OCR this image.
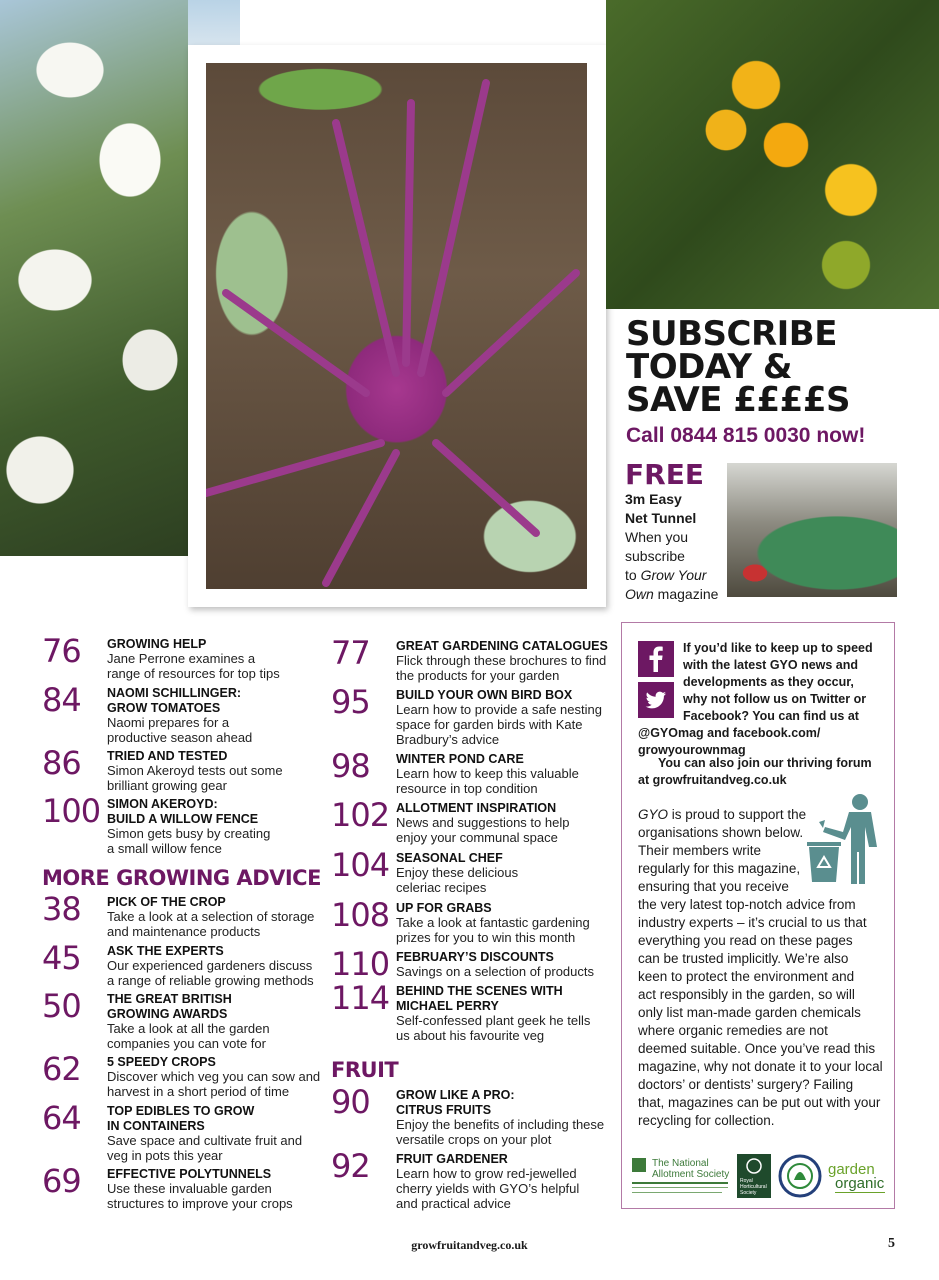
SUBSCRIBE
TODAY &
SAVE ££££S
Call 0844 815 0030 now!
FREE
3m Easy
Net Tunnel
When you
subscribe
to Grow Your
Own magazine
76 GROWING HELP
Jane Perrone examines a
range of resources for top tips
84 NAOMI SCHILLINGER:
GROW TOMATOES
Naomi prepares for a
productive season ahead
86 TRIED AND TESTED
Simon Akeroyd tests out some
brilliant growing gear
100 SIMON AKEROYD:
BUILD A WILLOW FENCE
Simon gets busy by creating
a small willow fence
MORE GROWING ADVICE
38 PICK OF THE CROP
Take a look at a selection of storage
and maintenance products
45 ASK THE EXPERTS
Our experienced gardeners discuss
a range of reliable growing methods
50 THE GREAT BRITISH
GROWING AWARDS
Take a look at all the garden
companies you can vote for
62 5 SPEEDY CROPS
Discover which veg you can sow and
harvest in a short period of time
64 TOP EDIBLES TO GROW
IN CONTAINERS
Save space and cultivate fruit and
veg in pots this year
69 EFFECTIVE POLYTUNNELS
Use these invaluable garden
structures to improve your crops
77 GREAT GARDENING CATALOGUES
Flick through these brochures to find
the products for your garden
95 BUILD YOUR OWN BIRD BOX
Learn how to provide a safe nesting
space for garden birds with Kate
Bradbury’s advice
98 WINTER POND CARE
Learn how to keep this valuable
resource in top condition
102 ALLOTMENT INSPIRATION
News and suggestions to help
enjoy your communal space
104 SEASONAL CHEF
Enjoy these delicious
celeriac recipes
108 UP FOR GRABS
Take a look at fantastic gardening
prizes for you to win this month
110 FEBRUARY’S DISCOUNTS
Savings on a selection of products
114 BEHIND THE SCENES WITH
MICHAEL PERRY
Self-confessed plant geek he tells
us about his favourite veg
FRUIT
90 GROW LIKE A PRO:
CITRUS FRUITS
Enjoy the benefits of including these
versatile crops on your plot
92 FRUIT GARDENER
Learn how to grow red-jewelled
cherry yields with GYO’s helpful
and practical advice
If you’d like to keep up to speed
with the latest GYO news and
developments as they occur,
why not follow us on Twitter or
Facebook? You can find us at
@GYOmag and facebook.com/
growyourownmag
You can also join our thriving forum
at growfruitandveg.co.uk
GYO is proud to support the
organisations shown below.
Their members write
regularly for this magazine,
ensuring that you receive
the very latest top-notch advice from
industry experts – it’s crucial to us that
everything you read on these pages
can be trusted implicitly. We’re also
keen to protect the environment and
act responsibly in the garden, so will
only list man-made garden chemicals
where organic remedies are not
deemed suitable. Once you’ve read this
magazine, why not donate it to your local
doctors’ or dentists’ surgery? Failing
that, magazines can be put out with your
recycling for collection.
The National
Allotment Society
Royal
Horticultural
Society
garden
organic
growfruitandveg.co.uk	5
